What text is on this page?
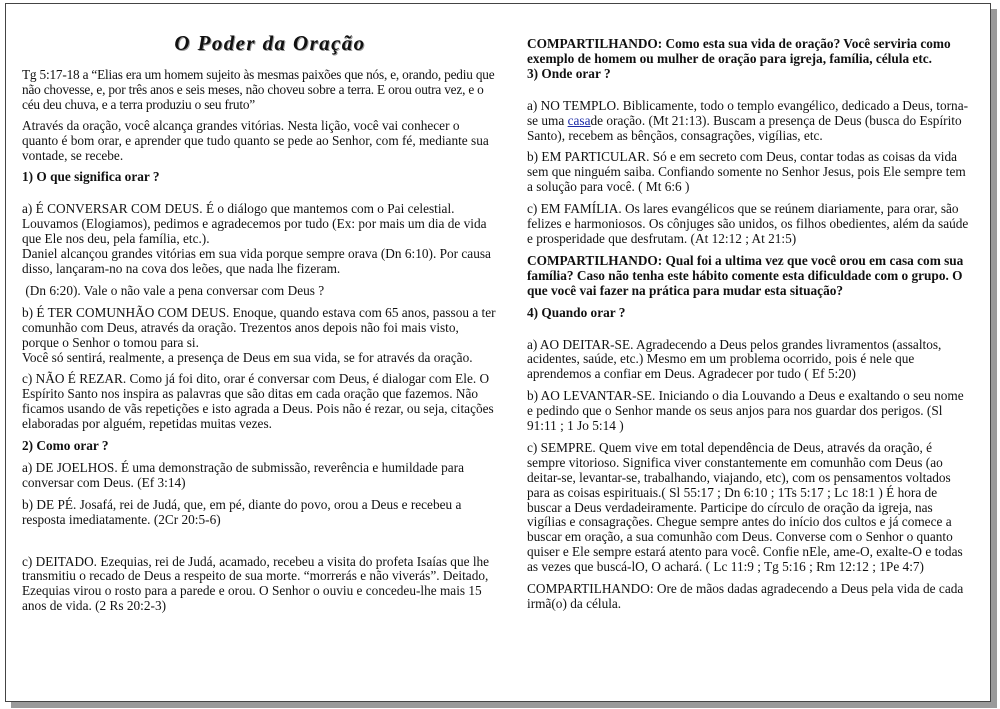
O Poder da Oração

Tg 5:17-18 a “Elias era um homem sujeito às mesmas paixões que nós, e, orando, pediu que não chovesse, e, por três anos e seis meses, não choveu sobre a terra. E orou outra vez, e o céu deu chuva, e a terra produziu o seu fruto”

Através da oração, você alcança grandes vitórias. Nesta lição, você vai conhecer o quanto é bom orar, e aprender que tudo quanto se pede ao Senhor, com fé, mediante sua vontade, se recebe.

1) O que significa orar ?

a) É CONVERSAR COM DEUS. É o diálogo que mantemos com o Pai celestial. Louvamos (Elogiamos), pedimos e agradecemos por tudo (Ex: por mais um dia de vida que Ele nos deu, pela família, etc.).

Daniel alcançou grandes vitórias em sua vida porque sempre orava (Dn 6:10). Por causa disso, lançaram-no na cova dos leões, que nada lhe fizeram.

(Dn 6:20). Vale o não vale a pena conversar com Deus ?

b) É TER COMUNHÃO COM DEUS. Enoque, quando estava com 65 anos, passou a ter comunhão com Deus, através da oração. Trezentos anos depois não foi mais visto, porque o Senhor o tomou para si.

Você só sentirá, realmente, a presença de Deus em sua vida, se for através da oração.

c) NÃO É REZAR. Como já foi dito, orar é conversar com Deus, é dialogar com Ele. O Espírito Santo nos inspira as palavras que são ditas em cada oração que fazemos. Não ficamos usando de vãs repetições e isto agrada a Deus. Pois não é rezar, ou seja, citações elaboradas por alguém, repetidas muitas vezes.

2) Como orar ?

a) DE JOELHOS. É uma demonstração de submissão, reverência e humildade para conversar com Deus. (Ef 3:14)

b) DE PÉ. Josafá, rei de Judá, que, em pé, diante do povo, orou a Deus e recebeu a resposta imediatamente. (2Cr 20:5-6)

c) DEITADO. Ezequias, rei de Judá, acamado, recebeu a visita do profeta Isaías que lhe transmitiu o recado de Deus a respeito de sua morte. “morrerás e não viverás”. Deitado, Ezequias virou o rosto para a parede e orou. O Senhor o ouviu e concedeu-lhe mais 15 anos de vida. (2 Rs 20:2-3)

COMPARTILHANDO: Como esta sua vida de oração? Você serviria como exemplo de homem ou mulher de oração para igreja, família, célula etc.

3) Onde orar ?

a) NO TEMPLO. Biblicamente, todo o templo evangélico, dedicado a Deus, torna-se uma casade oração. (Mt 21:13). Buscam a presença de Deus (busca do Espírito Santo), recebem as bênçãos, consagrações, vigílias, etc.

b) EM PARTICULAR. Só e em secreto com Deus, contar todas as coisas da vida sem que ninguém saiba. Confiando somente no Senhor Jesus, pois Ele sempre tem a solução para você. ( Mt 6:6 )

c) EM FAMÍLIA. Os lares evangélicos que se reúnem diariamente, para orar, são felizes e harmoniosos. Os cônjuges são unidos, os filhos obedientes, além da saúde e prosperidade que desfrutam. (At 12:12 ; At 21:5)

COMPARTILHANDO: Qual foi a ultima vez que você orou em casa com sua família? Caso não tenha este hábito comente esta dificuldade com o grupo. O que você vai fazer na prática para mudar esta situação?

4) Quando orar ?

a) AO DEITAR-SE. Agradecendo a Deus pelos grandes livramentos (assaltos, acidentes, saúde, etc.) Mesmo em um problema ocorrido, pois é nele que aprendemos a confiar em Deus. Agradecer por tudo ( Ef 5:20)

b) AO LEVANTAR-SE. Iniciando o dia Louvando a Deus e exaltando o seu nome e pedindo que o Senhor mande os seus anjos para nos guardar dos perigos. (Sl 91:11 ; 1 Jo 5:14 )

c) SEMPRE. Quem vive em total dependência de Deus, através da oração, é sempre vitorioso. Significa viver constantemente em comunhão com Deus (ao deitar-se, levantar-se, trabalhando, viajando, etc), com os pensamentos voltados para as coisas espirituais.( Sl 55:17 ; Dn 6:10 ; 1Ts 5:17 ; Lc 18:1 ) É hora de buscar a Deus verdadeiramente. Participe do círculo de oração da igreja, nas vigílias e consagrações. Chegue sempre antes do início dos cultos e já comece a buscar em oração, a sua comunhão com Deus. Converse com o Senhor o quanto quiser e Ele sempre estará atento para você. Confie nEle, ame-O, exalte-O e todas as vezes que buscá-lO, O achará. ( Lc 11:9 ; Tg 5:16 ; Rm 12:12 ; 1Pe 4:7)

COMPARTILHANDO: Ore de mãos dadas agradecendo a Deus pela vida de cada irmã(o) da célula.
